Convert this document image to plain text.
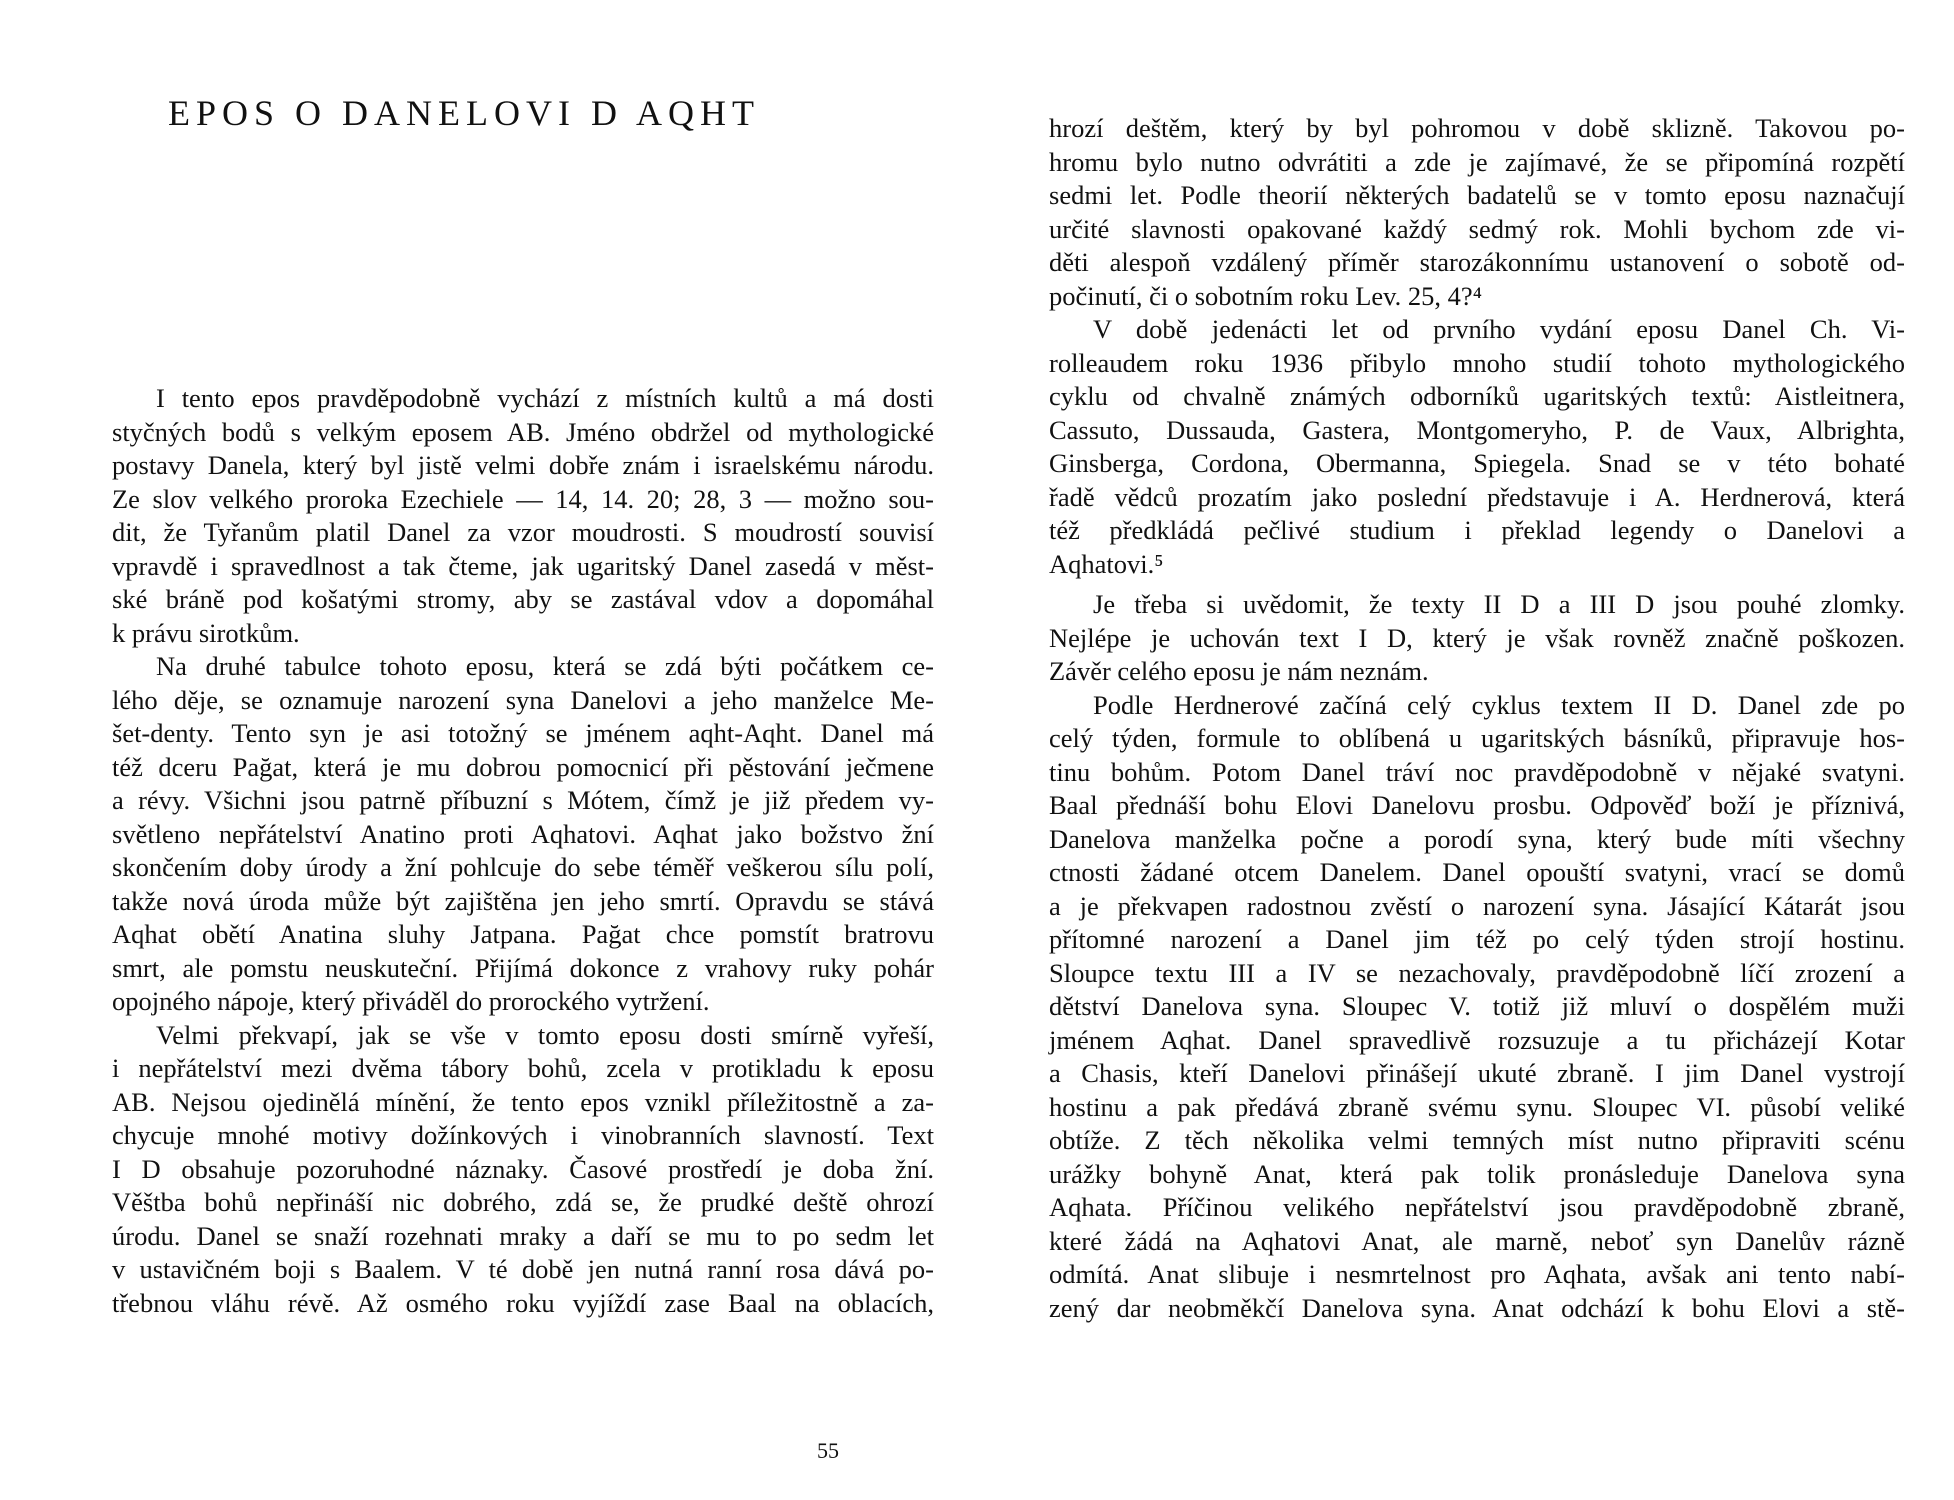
EPOS O DANELOVI D AQHT
I tento epos pravděpodobně vychází z místních kultů a má dosti
styčných bodů s velkým eposem AB. Jméno obdržel od mythologické
postavy Danela, který byl jistě velmi dobře znám i israelskému národu.
Ze slov velkého proroka Ezechiele — 14, 14. 20; 28, 3 — možno sou-
dit, že Tyřanům platil Danel za vzor moudrosti. S moudrostí souvisí
vpravdě i spravedlnost a tak čteme, jak ugaritský Danel zasedá v měst-
ské bráně pod košatými stromy, aby se zastával vdov a dopomáhal
k právu sirotkům.
Na druhé tabulce tohoto eposu, která se zdá býti počátkem ce-
lého děje, se oznamuje narození syna Danelovi a jeho manželce Me-
šet-denty. Tento syn je asi totožný se jménem aqht-Aqht. Danel má
též dceru Pağat, která je mu dobrou pomocnicí při pěstování ječmene
a révy. Všichni jsou patrně příbuzní s Mótem, čímž je již předem vy-
světleno nepřátelství Anatino proti Aqhatovi. Aqhat jako božstvo žní
skončením doby úrody a žní pohlcuje do sebe téměř veškerou sílu polí,
takže nová úroda může být zajištěna jen jeho smrtí. Opravdu se stává
Aqhat obětí Anatina sluhy Jatpana. Pağat chce pomstít bratrovu
smrt, ale pomstu neuskuteční. Přijímá dokonce z vrahovy ruky pohár
opojného nápoje, který přiváděl do prorockého vytržení.
Velmi překvapí, jak se vše v tomto eposu dosti smírně vyřeší,
i nepřátelství mezi dvěma tábory bohů, zcela v protikladu k eposu
AB. Nejsou ojedinělá mínění, že tento epos vznikl příležitostně a za-
chycuje mnohé motivy dožínkových i vinobranních slavností. Text
I D obsahuje pozoruhodné náznaky. Časové prostředí je doba žní.
Věštba bohů nepřináší nic dobrého, zdá se, že prudké deště ohrozí
úrodu. Danel se snaží rozehnati mraky a daří se mu to po sedm let
v ustavičném boji s Baalem. V té době jen nutná ranní rosa dává po-
třebnou vláhu révě. Až osmého roku vyjíždí zase Baal na oblacích,
55
hrozí deštěm, který by byl pohromou v době sklizně. Takovou po-
hromu bylo nutno odvrátiti a zde je zajímavé, že se připomíná rozpětí
sedmi let. Podle theorií některých badatelů se v tomto eposu naznačují
určité slavnosti opakované každý sedmý rok. Mohli bychom zde vi-
děti alespoň vzdálený příměr starozákonnímu ustanovení o sobotě od-
počinutí, či o sobotním roku Lev. 25, 4?⁴
V době jedenácti let od prvního vydání eposu Danel Ch. Vi-
rolleaudem roku 1936 přibylo mnoho studií tohoto mythologického
cyklu od chvalně známých odborníků ugaritských textů: Aistleitnera,
Cassuto, Dussauda, Gastera, Montgomeryho, P. de Vaux, Albrighta,
Ginsberga, Cordona, Obermanna, Spiegela. Snad se v této bohaté
řadě vědců prozatím jako poslední představuje i A. Herdnerová, která
též předkládá pečlivé studium i překlad legendy o Danelovi a
Aqhatovi.⁵
Je třeba si uvědomit, že texty II D a III D jsou pouhé zlomky.
Nejlépe je uchován text I D, který je však rovněž značně poškozen.
Závěr celého eposu je nám neznám.
Podle Herdnerové začíná celý cyklus textem II D. Danel zde po
celý týden, formule to oblíbená u ugaritských básníků, připravuje hos-
tinu bohům. Potom Danel tráví noc pravděpodobně v nějaké svatyni.
Baal přednáší bohu Elovi Danelovu prosbu. Odpověď boží je příznivá,
Danelova manželka počne a porodí syna, který bude míti všechny
ctnosti žádané otcem Danelem. Danel opouští svatyni, vrací se domů
a je překvapen radostnou zvěstí o narození syna. Jásající Kátarát jsou
přítomné narození a Danel jim též po celý týden strojí hostinu.
Sloupce textu III a IV se nezachovaly, pravděpodobně líčí zrození a
dětství Danelova syna. Sloupec V. totiž již mluví o dospělém muži
jménem Aqhat. Danel spravedlivě rozsuzuje a tu přicházejí Kotar
a Chasis, kteří Danelovi přinášejí ukuté zbraně. I jim Danel vystrojí
hostinu a pak předává zbraně svému synu. Sloupec VI. působí veliké
obtíže. Z těch několika velmi temných míst nutno připraviti scénu
urážky bohyně Anat, která pak tolik pronásleduje Danelova syna
Aqhata. Příčinou velikého nepřátelství jsou pravděpodobně zbraně,
které žádá na Aqhatovi Anat, ale marně, neboť syn Danelův rázně
odmítá. Anat slibuje i nesmrtelnost pro Aqhata, avšak ani tento nabí-
zený dar neobměkčí Danelova syna. Anat odchází k bohu Elovi a stě-
